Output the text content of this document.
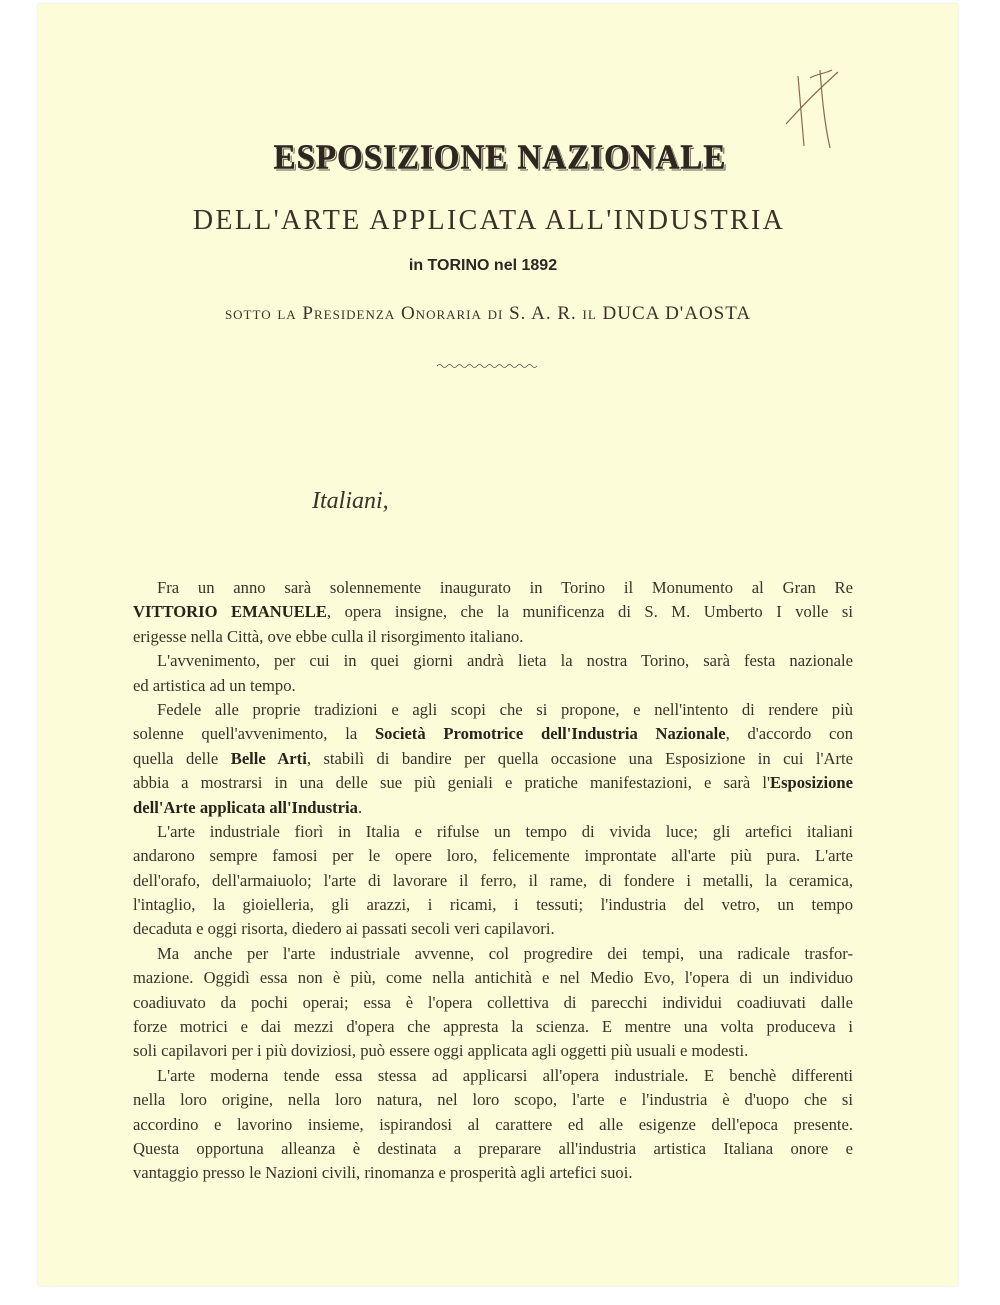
ESPOSIZIONE NAZIONALE
DELL'ARTE APPLICATA ALL'INDUSTRIA
in TORINO nel 1892
sotto la Presidenza Onoraria di S. A. R. il DUCA D'AOSTA
Italiani,
Fra un anno sarà solennemente inaugurato in Torino il Monumento al Gran Re
VITTORIO EMANUELE, opera insigne, che la munificenza di S. M. Umberto I volle si
erigesse nella Città, ove ebbe culla il risorgimento italiano.
L'avvenimento, per cui in quei giorni andrà lieta la nostra Torino, sarà festa nazionale
ed artistica ad un tempo.
Fedele alle proprie tradizioni e agli scopi che si propone, e nell'intento di rendere più
solenne quell'avvenimento, la Società Promotrice dell'Industria Nazionale, d'accordo con
quella delle Belle Arti, stabilì di bandire per quella occasione una Esposizione in cui l'Arte
abbia a mostrarsi in una delle sue più geniali e pratiche manifestazioni, e sarà l'Esposizione
dell'Arte applicata all'Industria.
L'arte industriale fiorì in Italia e rifulse un tempo di vivida luce; gli artefici italiani
andarono sempre famosi per le opere loro, felicemente improntate all'arte più pura. L'arte
dell'orafo, dell'armaiuolo; l'arte di lavorare il ferro, il rame, di fondere i metalli, la ceramica,
l'intaglio, la gioielleria, gli arazzi, i ricami, i tessuti; l'industria del vetro, un tempo
decaduta e oggi risorta, diedero ai passati secoli veri capilavori.
Ma anche per l'arte industriale avvenne, col progredire dei tempi, una radicale trasfor-
mazione. Oggidì essa non è più, come nella antichità e nel Medio Evo, l'opera di un individuo
coadiuvato da pochi operai; essa è l'opera collettiva di parecchi individui coadiuvati dalle
forze motrici e dai mezzi d'opera che appresta la scienza. E mentre una volta produceva i
soli capilavori per i più doviziosi, può essere oggi applicata agli oggetti più usuali e modesti.
L'arte moderna tende essa stessa ad applicarsi all'opera industriale. E benchè differenti
nella loro origine, nella loro natura, nel loro scopo, l'arte e l'industria è d'uopo che si
accordino e lavorino insieme, ispirandosi al carattere ed alle esigenze dell'epoca presente.
Questa opportuna alleanza è destinata a preparare all'industria artistica Italiana onore e
vantaggio presso le Nazioni civili, rinomanza e prosperità agli artefici suoi.
